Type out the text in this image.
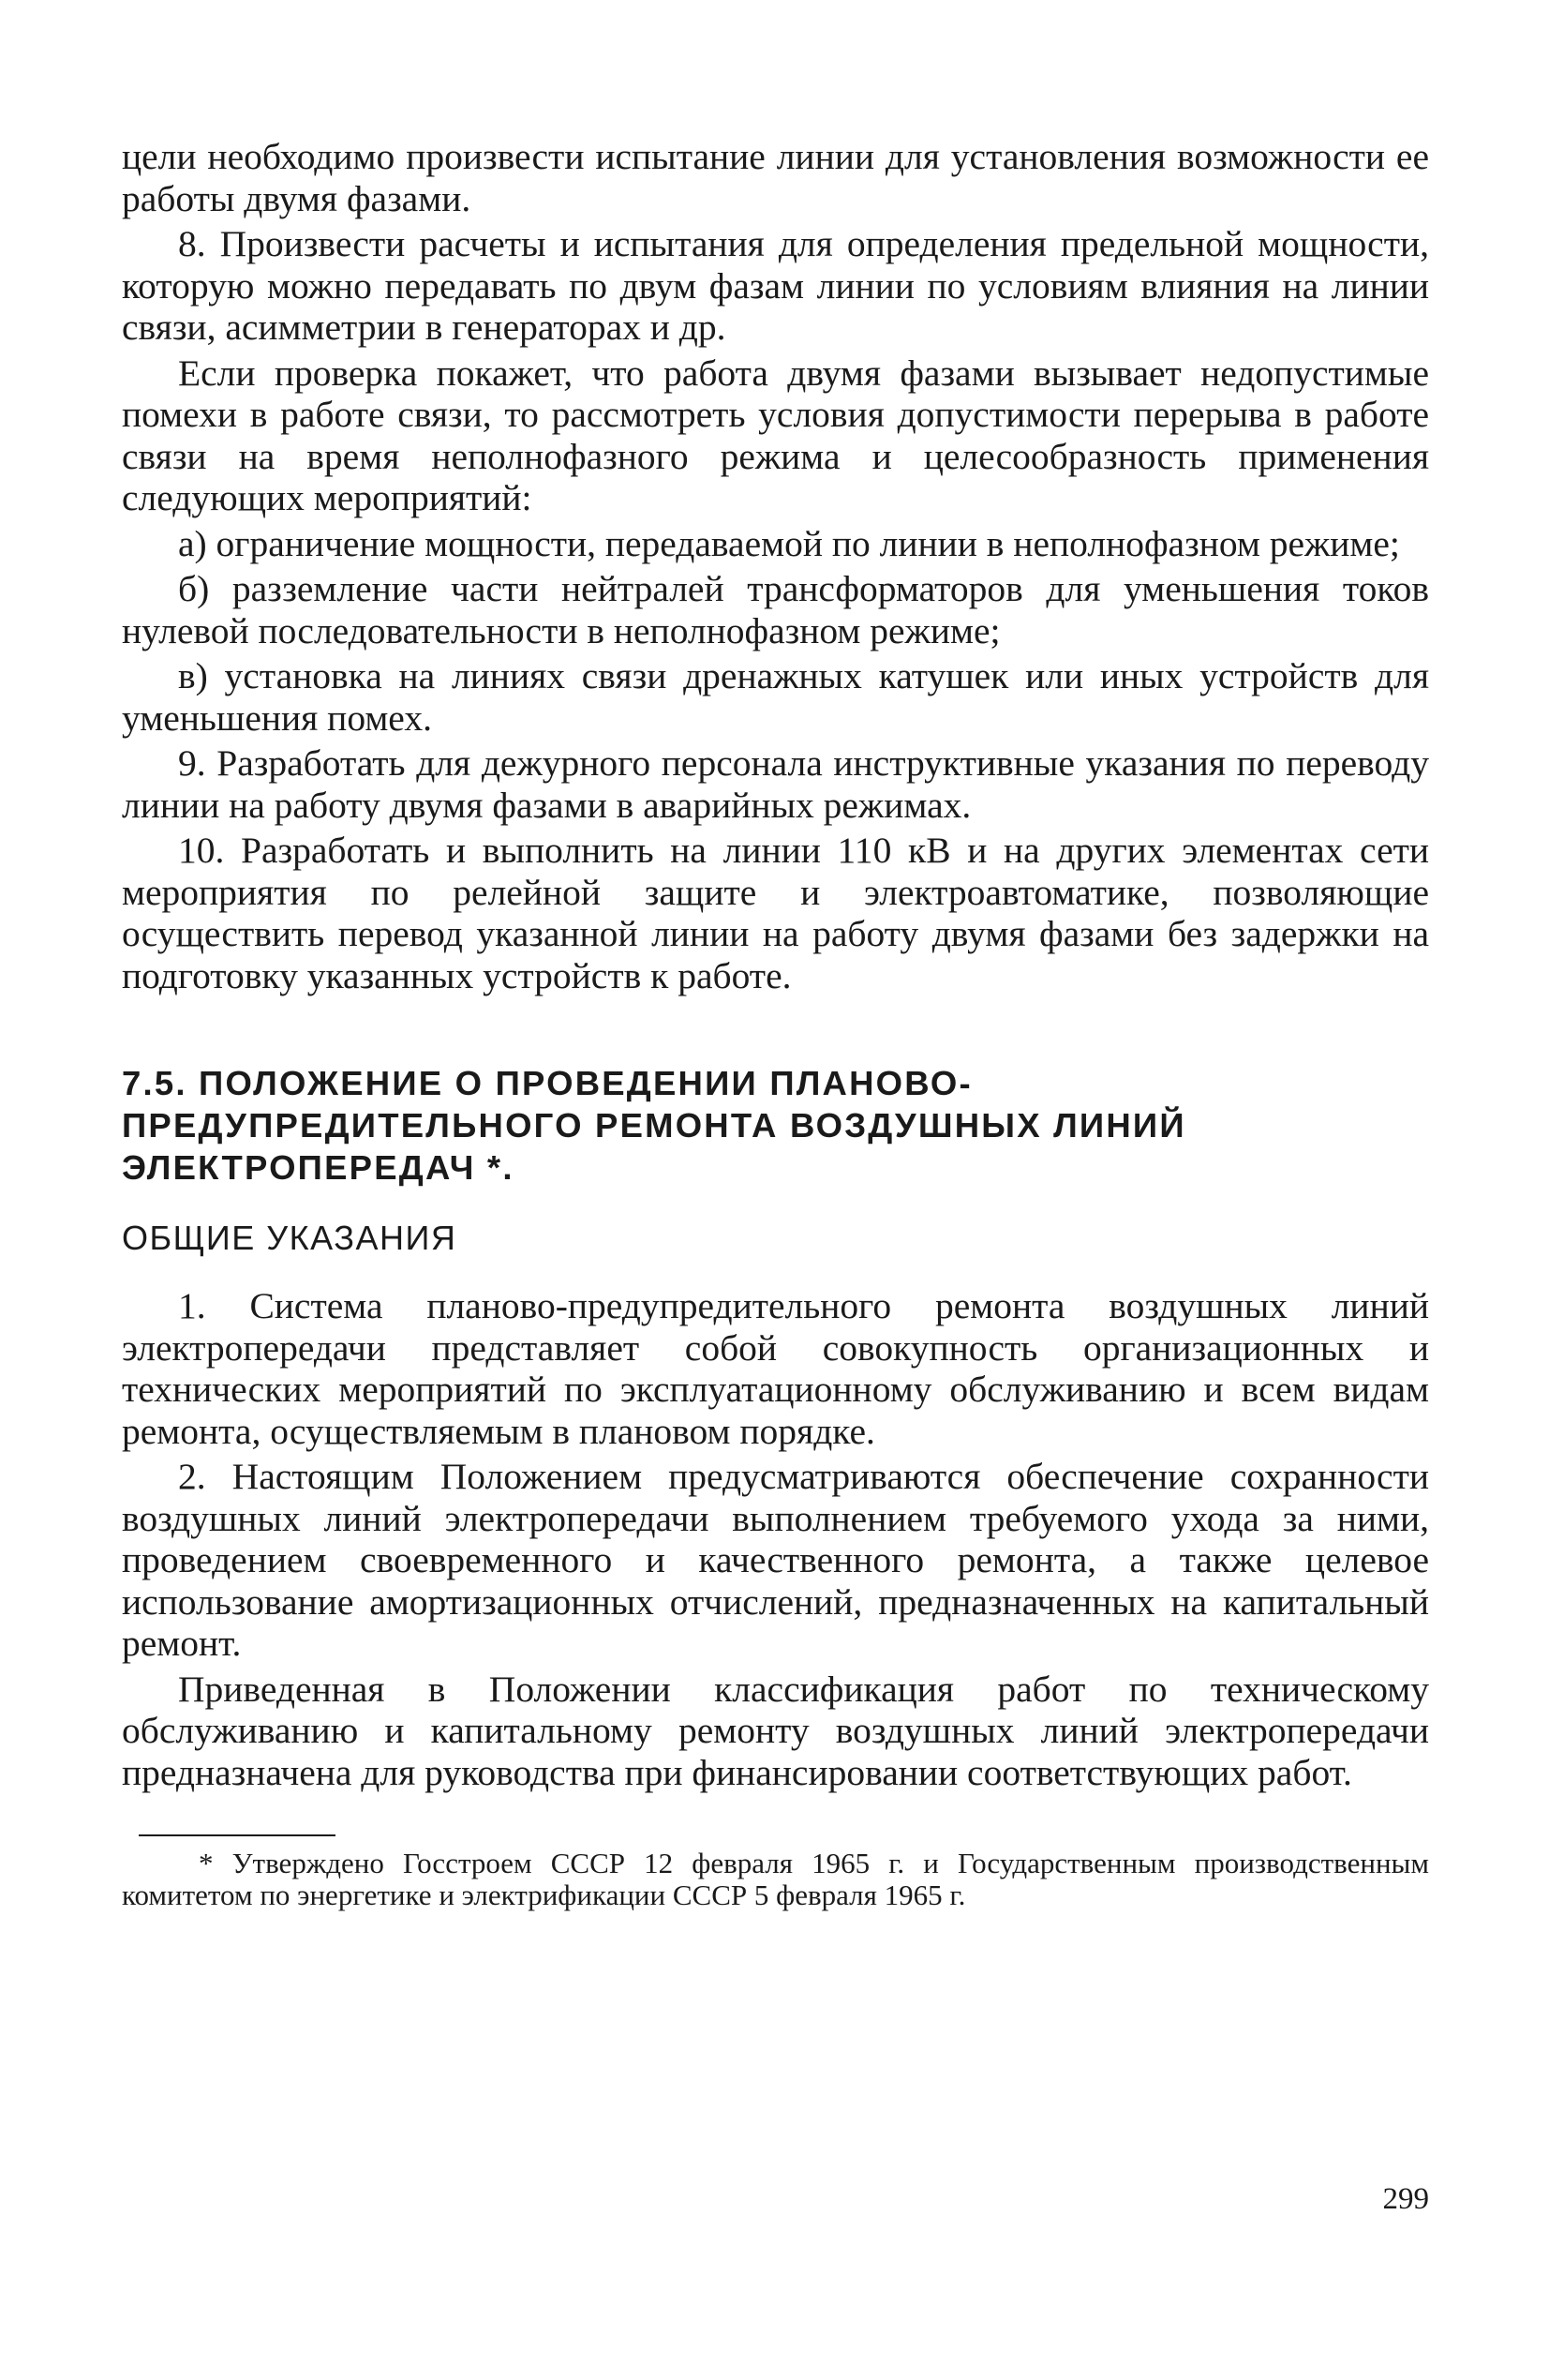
цели необходимо произвести испытание линии для установления возможности ее работы двумя фазами.

8. Произвести расчеты и испытания для определения предельной мощности, которую можно передавать по двум фазам линии по условиям влияния на линии связи, асимметрии в генераторах и др.

Если проверка покажет, что работа двумя фазами вызывает недопустимые помехи в работе связи, то рассмотреть условия допустимости перерыва в работе связи на время неполнофазного режима и целесообразность применения следующих мероприятий:

а) ограничение мощности, передаваемой по линии в неполнофазном режиме;

б) разземление части нейтралей трансформаторов для уменьшения токов нулевой последовательности в неполнофазном режиме;

в) установка на линиях связи дренажных катушек или иных устройств для уменьшения помех.

9. Разработать для дежурного персонала инструктивные указания по переводу линии на работу двумя фазами в аварийных режимах.

10. Разработать и выполнить на линии 110 кВ и на других элементах сети мероприятия по релейной защите и электроавтоматике, позволяющие осуществить перевод указанной линии на работу двумя фазами без задержки на подготовку указанных устройств к работе.

7.5. ПОЛОЖЕНИЕ О ПРОВЕДЕНИИ ПЛАНОВО-ПРЕДУПРЕДИТЕЛЬНОГО РЕМОНТА ВОЗДУШНЫХ ЛИНИЙ ЭЛЕКТРОПЕРЕДАЧ *.

ОБЩИЕ УКАЗАНИЯ

1. Система планово-предупредительного ремонта воздушных линий электропередачи представляет собой совокупность организационных и технических мероприятий по эксплуатационному обслуживанию и всем видам ремонта, осуществляемым в плановом порядке.

2. Настоящим Положением предусматриваются обеспечение сохранности воздушных линий электропередачи выполнением требуемого ухода за ними, проведением своевременного и качественного ремонта, а также целевое использование амортизационных отчислений, предназначенных на капитальный ремонт.

Приведенная в Положении классификация работ по техническому обслуживанию и капитальному ремонту воздушных линий электропередачи предназначена для руководства при финансировании соответствующих работ.

* Утверждено Госстроем СССР 12 февраля 1965 г. и Государственным производственным комитетом по энергетике и электрификации СССР 5 февраля 1965 г.

299
